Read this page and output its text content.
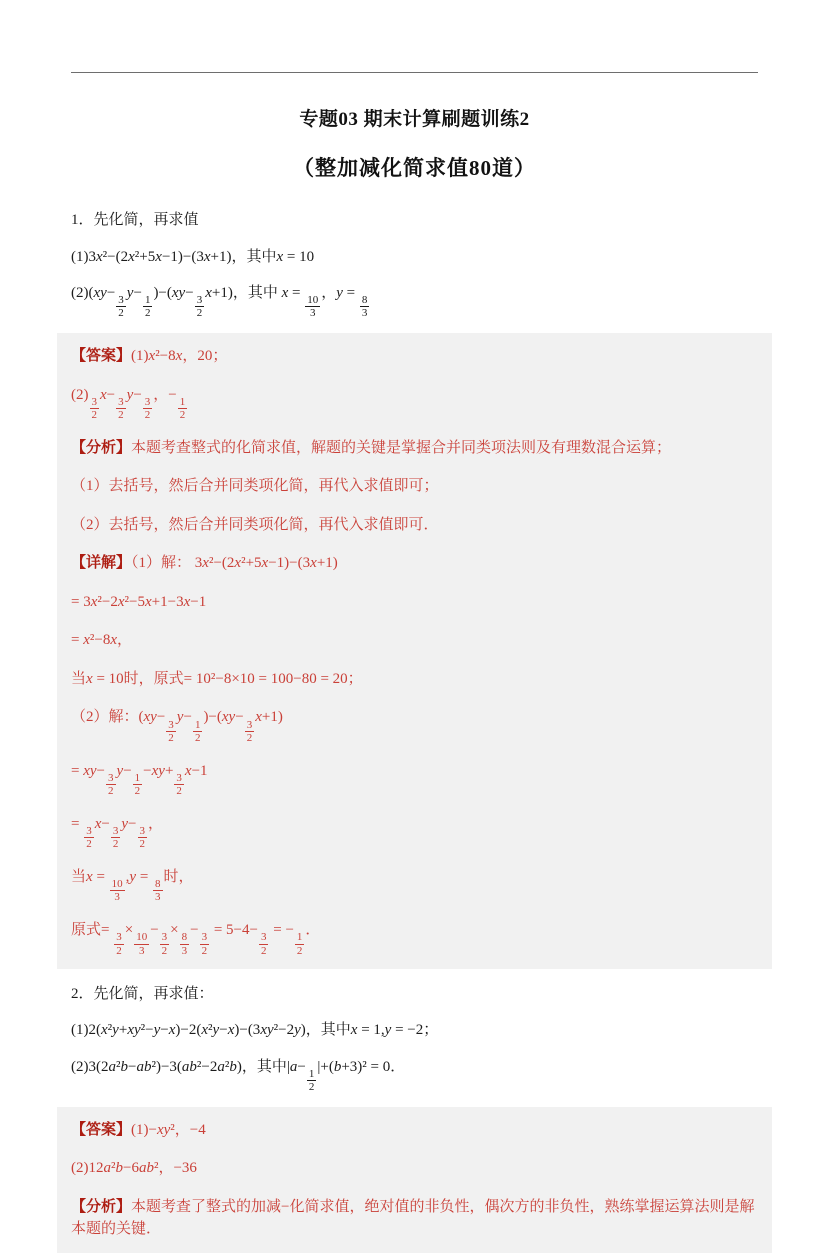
专题03 期末计算刷题训练2
（整加减化简求值80道）

1．先化简，再求值

(1)3x²−(2x²+5x−1)−(3x+1)，其中x = 10

(2)(xy−
$\frac{3}{2}$
y−
$\frac{1}{2}$
)−(xy−
$\frac{3}{2}$
x+1)，其中 x =
$\frac{10}{3}$
，y =
$\frac{8}{3}$

【答案】(1)x²−8x，20；

(2)
$\frac{3}{2}$
x−
$\frac{3}{2}$
y−
$\frac{3}{2}$
，−
$\frac{1}{2}$

【分析】本题考查整式的化简求值，解题的关键是掌握合并同类项法则及有理数混合运算；

（1）去括号，然后合并同类项化简，再代入求值即可；

（2）去括号，然后合并同类项化简，再代入求值即可．

【详解】（1）解： 3x²−(2x²+5x−1)−(3x+1)

= 3x²−2x²−5x+1−3x−1

= x²−8x，

当x = 10时，原式= 10²−8×10 = 100−80 = 20；

（2）解：(xy−
$\frac{3}{2}$
y−
$\frac{1}{2}$
)−(xy−
$\frac{3}{2}$
x+1)

= xy−
$\frac{3}{2}$
y−
$\frac{1}{2}$
−xy+
$\frac{3}{2}$
x−1

=
$\frac{3}{2}$
x−
$\frac{3}{2}$
y−
$\frac{3}{2}$
，

当x =
$\frac{10}{3}$
,y =
$\frac{8}{3}$
时，

原式=
$\frac{3}{2}$
×
$\frac{10}{3}$
−
$\frac{3}{2}$
×
$\frac{8}{3}$
−
$\frac{3}{2}$
= 5−4−
$\frac{3}{2}$
= −
$\frac{1}{2}$
．

2．先化简，再求值：

(1)2(x²y+xy²−y−x)−2(x²y−x)−(3xy²−2y)，其中x = 1,y = −2；

(2)3(2a²b−ab²)−3(ab²−2a²b)，其中|a−
$\frac{1}{2}$
|+(b+3)² = 0．

【答案】(1)−xy²，−4

(2)12a²b−6ab²，−36

【分析】本题考查了整式的加减−化简求值，绝对值的非负性，偶次方的非负性，熟练掌握运算法则是解本题的关键．
